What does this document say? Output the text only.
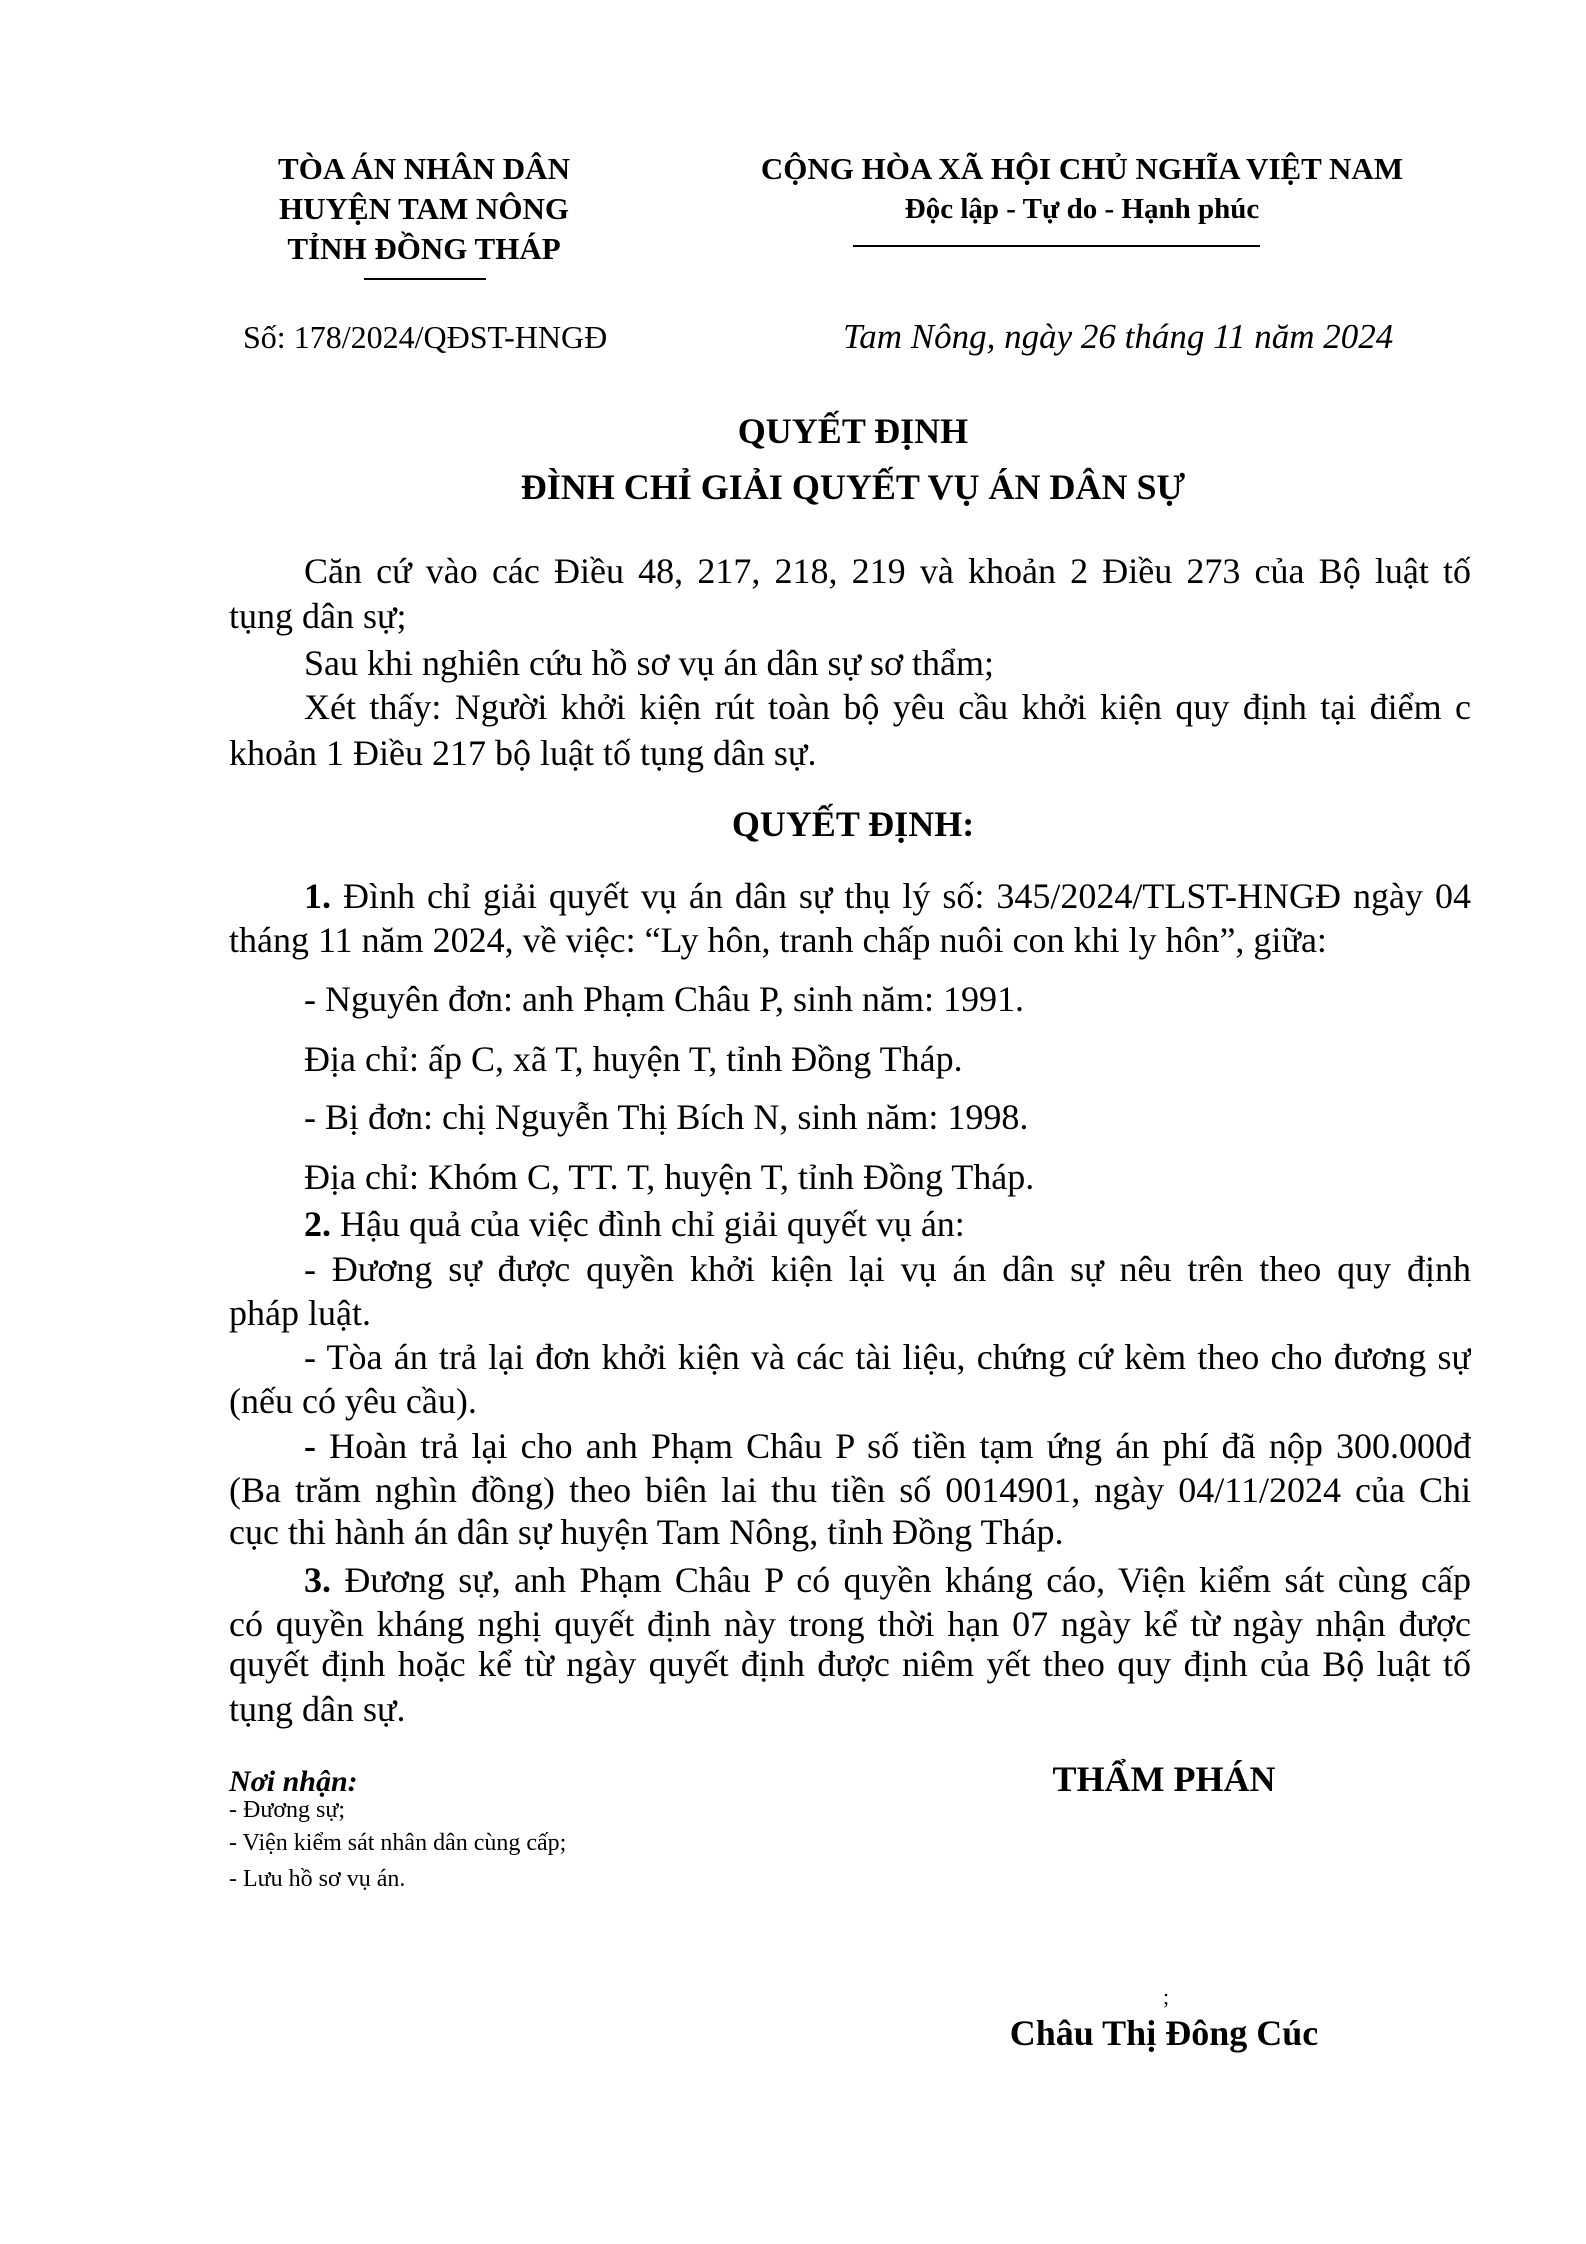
TÒA ÁN NHÂN DÂN
HUYỆN TAM NÔNG
TỈNH ĐỒNG THÁP
CỘNG HÒA XÃ HỘI CHỦ NGHĨA VIỆT NAM
Độc lập - Tự do - Hạnh phúc
Số: 178/2024/QĐST-HNGĐ	Tam Nông, ngày 26 tháng 11 năm 2024
QUYẾT ĐỊNH
ĐÌNH CHỈ GIẢI QUYẾT VỤ ÁN DÂN SỰ
Căn cứ vào các Điều 48, 217, 218, 219 và khoản 2 Điều 273 của Bộ luật tố
tụng dân sự;
Sau khi nghiên cứu hồ sơ vụ án dân sự sơ thẩm;
Xét thấy: Người khởi kiện rút toàn bộ yêu cầu khởi kiện quy định tại điểm c
khoản 1 Điều 217 bộ luật tố tụng dân sự.
QUYẾT ĐỊNH:
1. Đình chỉ giải quyết vụ án dân sự thụ lý số: 345/2024/TLST-HNGĐ ngày 04
tháng 11 năm 2024, về việc: “Ly hôn, tranh chấp nuôi con khi ly hôn”, giữa:
- Nguyên đơn: anh Phạm Châu P, sinh năm: 1991.
Địa chỉ: ấp C, xã T, huyện T, tỉnh Đồng Tháp.
- Bị đơn: chị Nguyễn Thị Bích N, sinh năm: 1998.
Địa chỉ: Khóm C, TT. T, huyện T, tỉnh Đồng Tháp.
2. Hậu quả của việc đình chỉ giải quyết vụ án:
- Đương sự được quyền khởi kiện lại vụ án dân sự nêu trên theo quy định
pháp luật.
- Tòa án trả lại đơn khởi kiện và các tài liệu, chứng cứ kèm theo cho đương sự
(nếu có yêu cầu).
- Hoàn trả lại cho anh Phạm Châu P số tiền tạm ứng án phí đã nộp 300.000đ
(Ba trăm nghìn đồng) theo biên lai thu tiền số 0014901, ngày 04/11/2024 của Chi
cục thi hành án dân sự huyện Tam Nông, tỉnh Đồng Tháp.
3. Đương sự, anh Phạm Châu P có quyền kháng cáo, Viện kiểm sát cùng cấp
có quyền kháng nghị quyết định này trong thời hạn 07 ngày kể từ ngày nhận được
quyết định hoặc kể từ ngày quyết định được niêm yết theo quy định của Bộ luật tố
tụng dân sự.
Nơi nhận:
- Đương sự;
- Viện kiểm sát nhân dân cùng cấp;
- Lưu hồ sơ vụ án.
THẨM PHÁN
;
Châu Thị Đông Cúc
